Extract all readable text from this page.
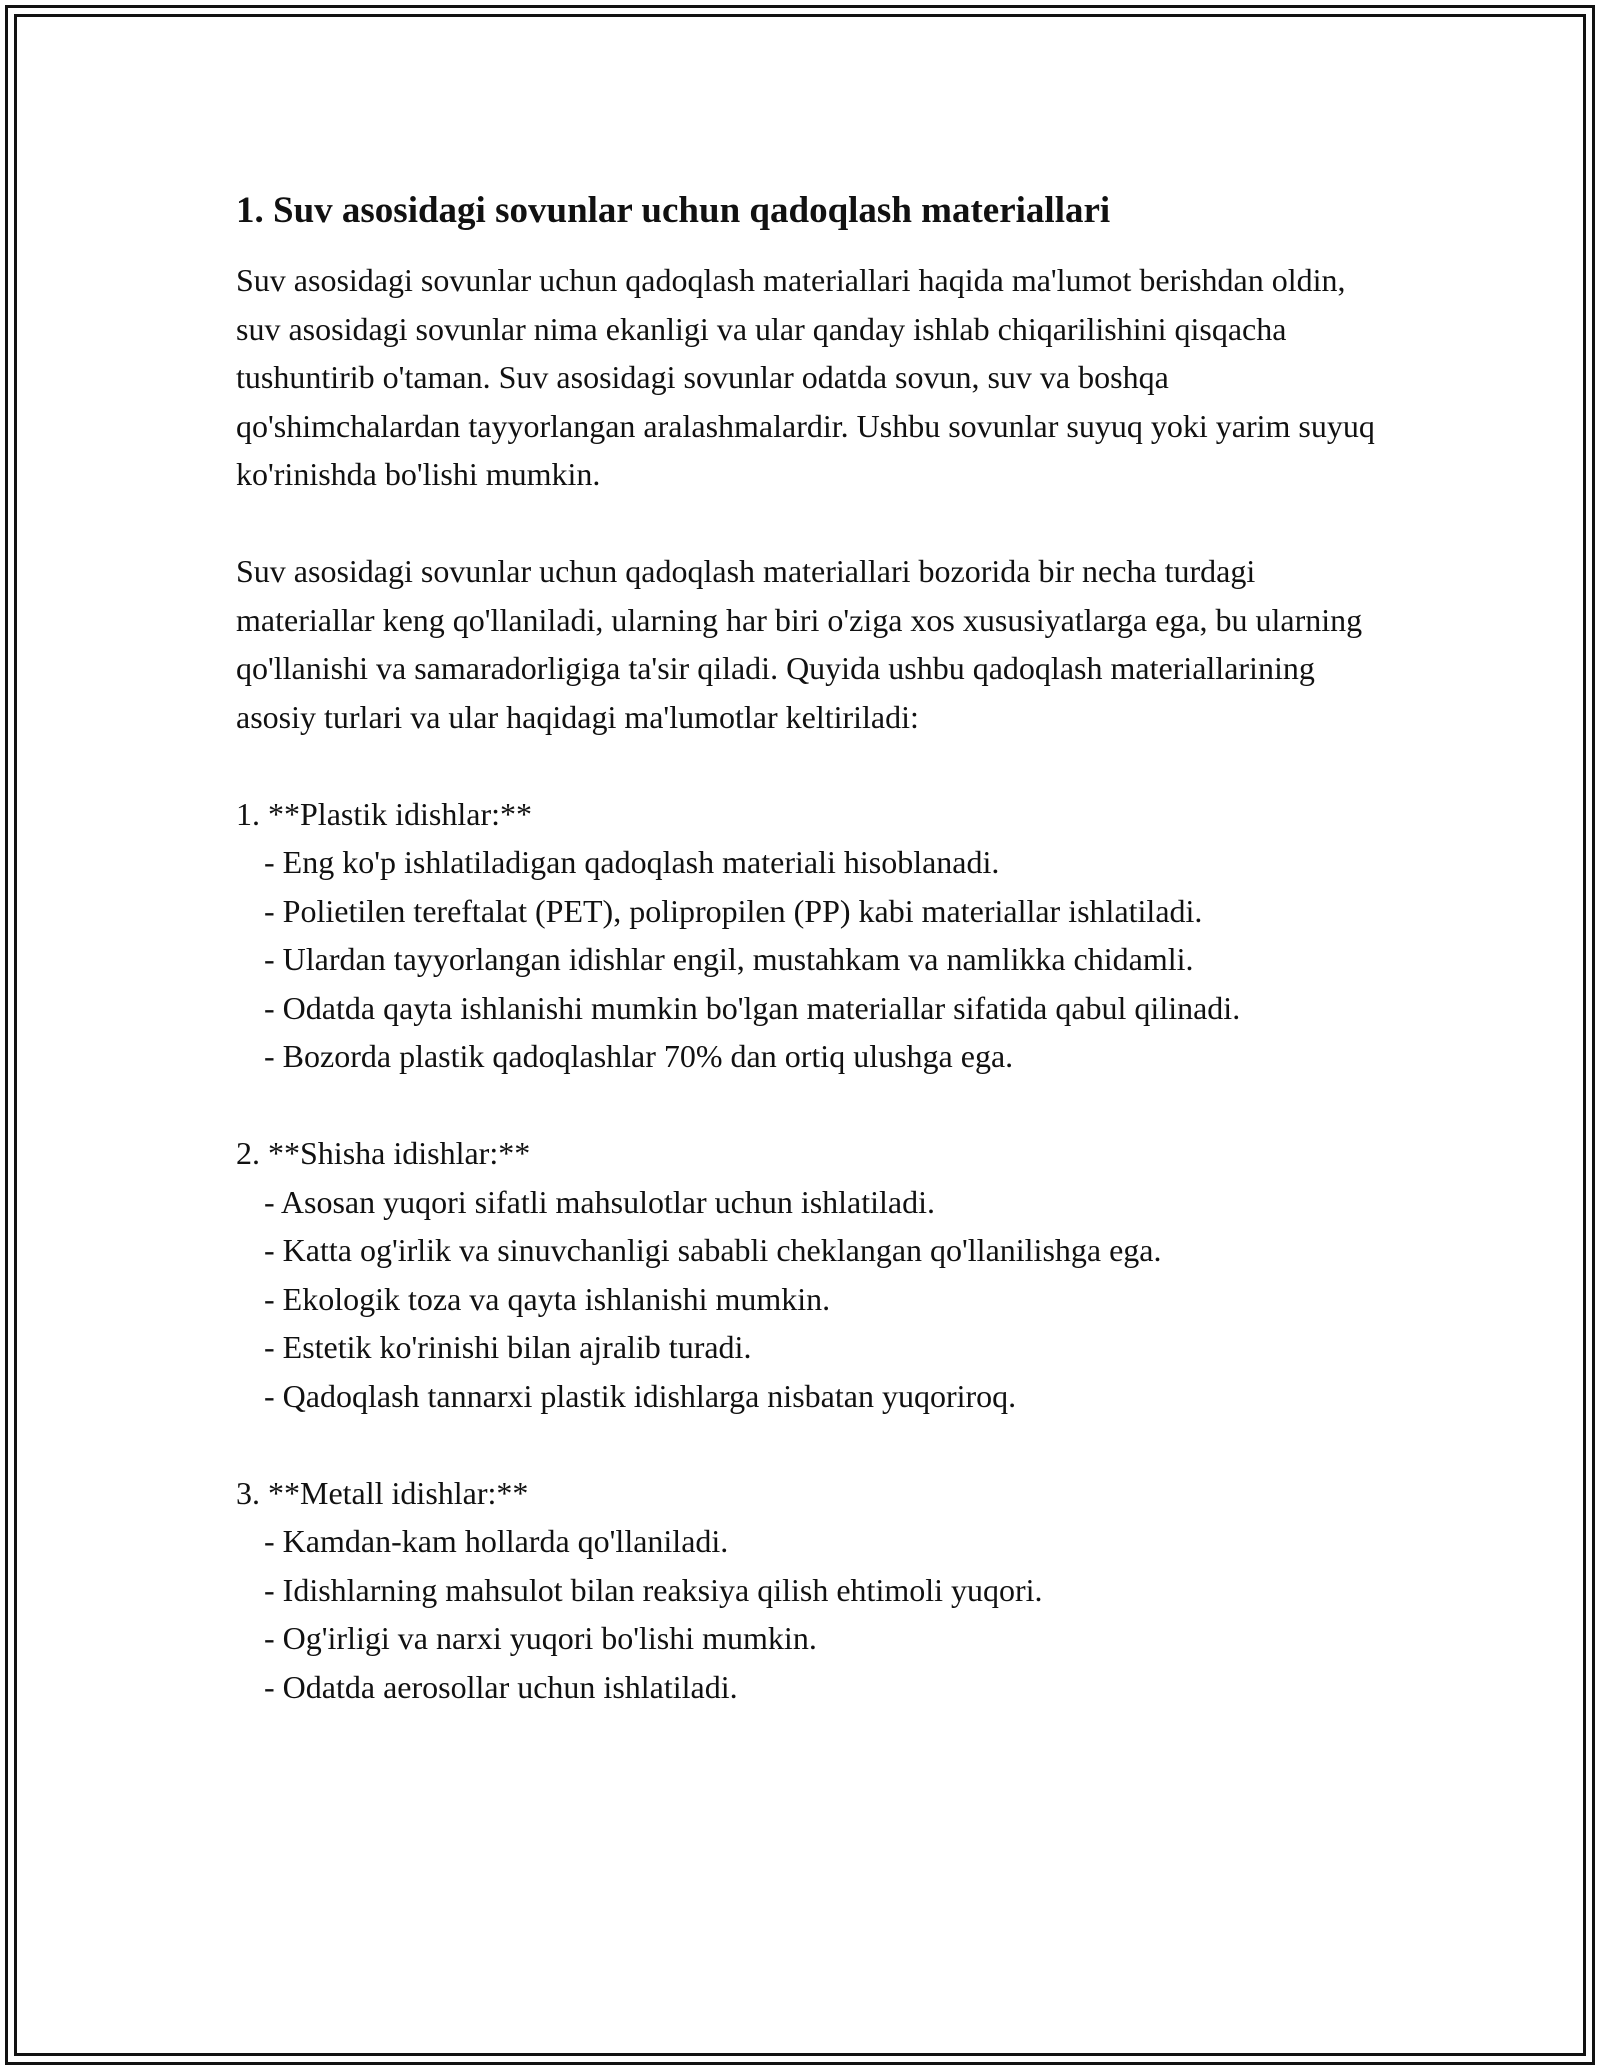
1. Suv asosidagi sovunlar uchun qadoqlash materiallari

Suv asosidagi sovunlar uchun qadoqlash materiallari haqida ma'lumot berishdan oldin, suv asosidagi sovunlar nima ekanligi va ular qanday ishlab chiqarilishini qisqacha tushuntirib o'taman. Suv asosidagi sovunlar odatda sovun, suv va boshqa qo'shimchalardan tayyorlangan aralashmalardir. Ushbu sovunlar suyuq yoki yarim suyuq ko'rinishda bo'lishi mumkin.

Suv asosidagi sovunlar uchun qadoqlash materiallari bozorida bir necha turdagi materiallar keng qo'llaniladi, ularning har biri o'ziga xos xususiyatlarga ega, bu ularning qo'llanishi va samaradorligiga ta'sir qiladi. Quyida ushbu qadoqlash materiallarining asosiy turlari va ular haqidagi ma'lumotlar keltiriladi:

1. **Plastik idishlar:**

- Eng ko'p ishlatiladigan qadoqlash materiali hisoblanadi.

- Polietilen tereftalat (PET), polipropilen (PP) kabi materiallar ishlatiladi.

- Ulardan tayyorlangan idishlar engil, mustahkam va namlikka chidamli.

- Odatda qayta ishlanishi mumkin bo'lgan materiallar sifatida qabul qilinadi.

- Bozorda plastik qadoqlashlar 70% dan ortiq ulushga ega.

2. **Shisha idishlar:**

- Asosan yuqori sifatli mahsulotlar uchun ishlatiladi.

- Katta og'irlik va sinuvchanligi sababli cheklangan qo'llanilishga ega.

- Ekologik toza va qayta ishlanishi mumkin.

- Estetik ko'rinishi bilan ajralib turadi.

- Qadoqlash tannarxi plastik idishlarga nisbatan yuqoriroq.

3. **Metall idishlar:**

- Kamdan-kam hollarda qo'llaniladi.

- Idishlarning mahsulot bilan reaksiya qilish ehtimoli yuqori.

- Og'irligi va narxi yuqori bo'lishi mumkin.

- Odatda aerosollar uchun ishlatiladi.
